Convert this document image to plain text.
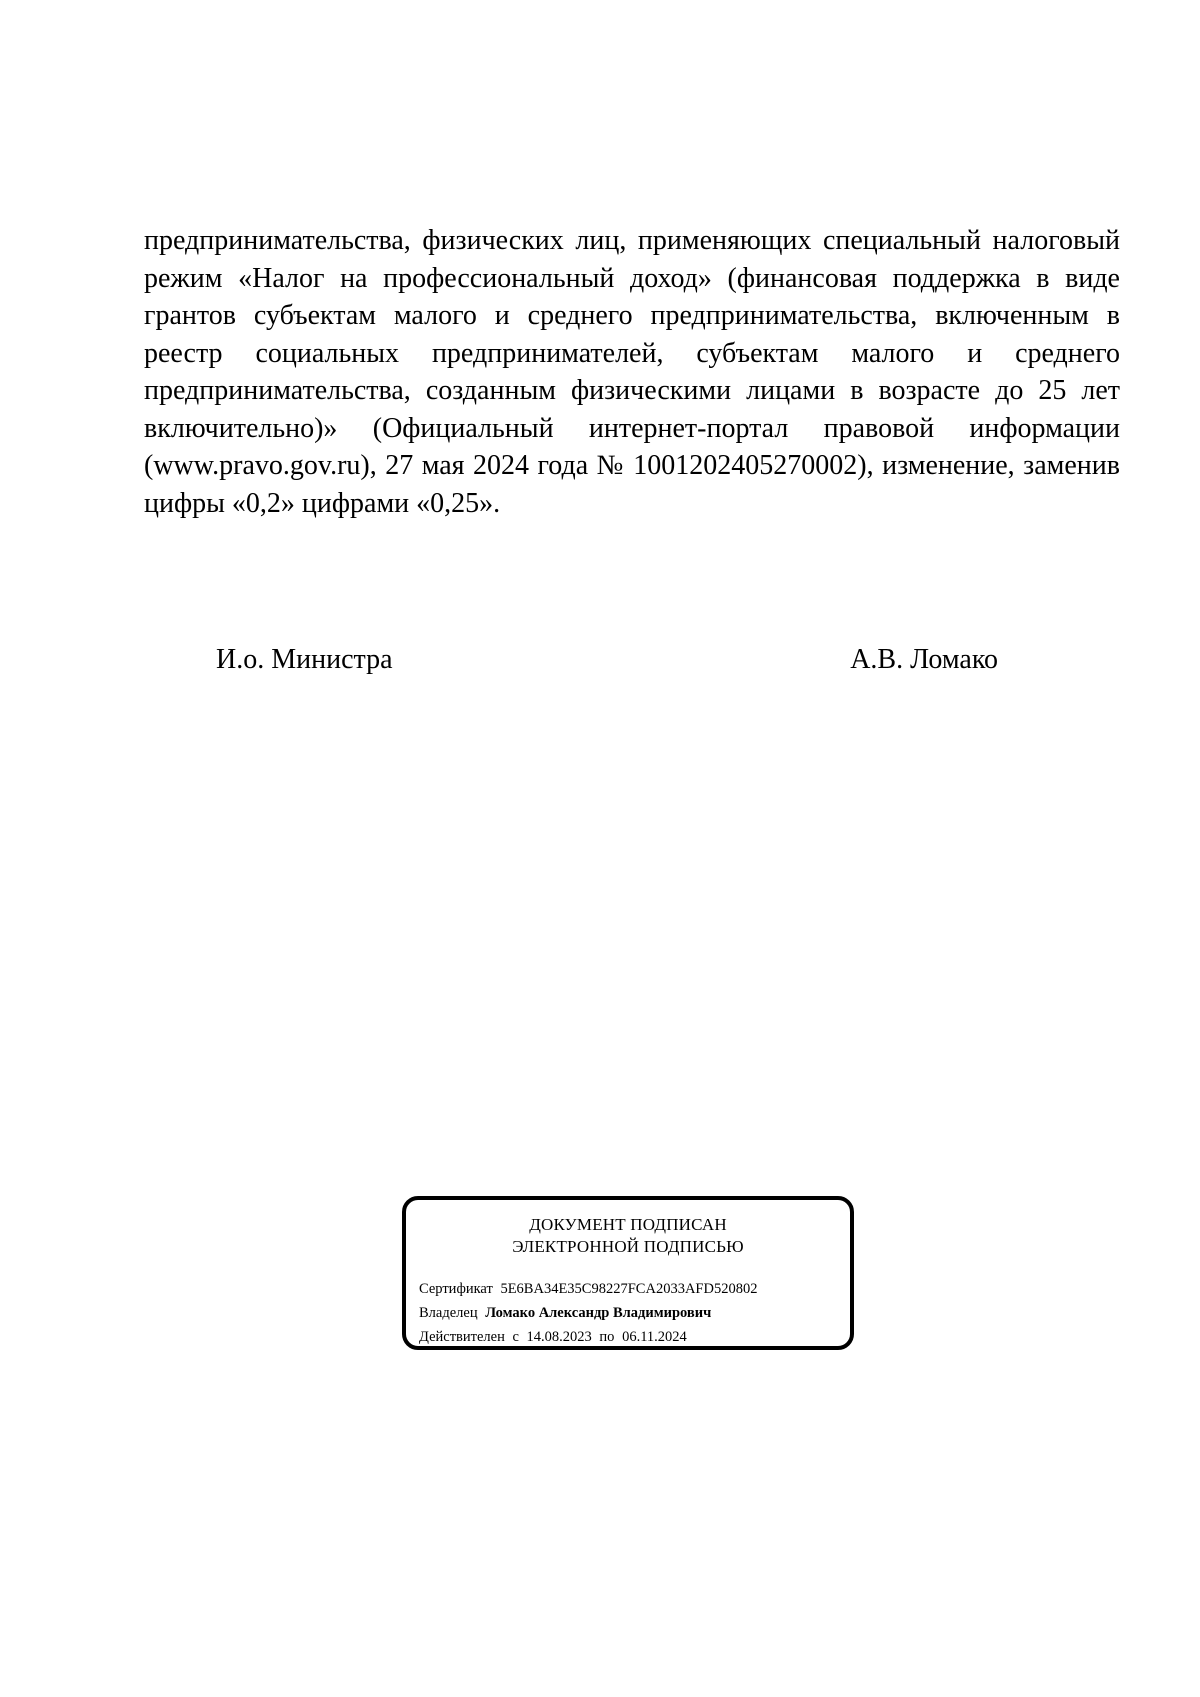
предпринимательства, физических лиц, применяющих специальный налоговый
режим «Налог на профессиональный доход» (финансовая поддержка в виде
грантов субъектам малого и среднего предпринимательства, включенным в
реестр социальных предпринимателей, субъектам малого и среднего
предпринимательства, созданным физическими лицами в возрасте до 25 лет
включительно)» (Официальный интернет-портал правовой информации
(www.pravo.gov.ru), 27 мая 2024 года № 1001202405270002), изменение, заменив
цифры «0,2» цифрами «0,25».

И.о. Министра	А.В. Ломако
ДОКУМЕНТ ПОДПИСАН
ЭЛЕКТРОННОЙ ПОДПИСЬЮ
Сертификат 5E6BA34E35C98227FCA2033AFD520802
Владелец Ломако Александр Владимирович
Действителен с 14.08.2023 по 06.11.2024
